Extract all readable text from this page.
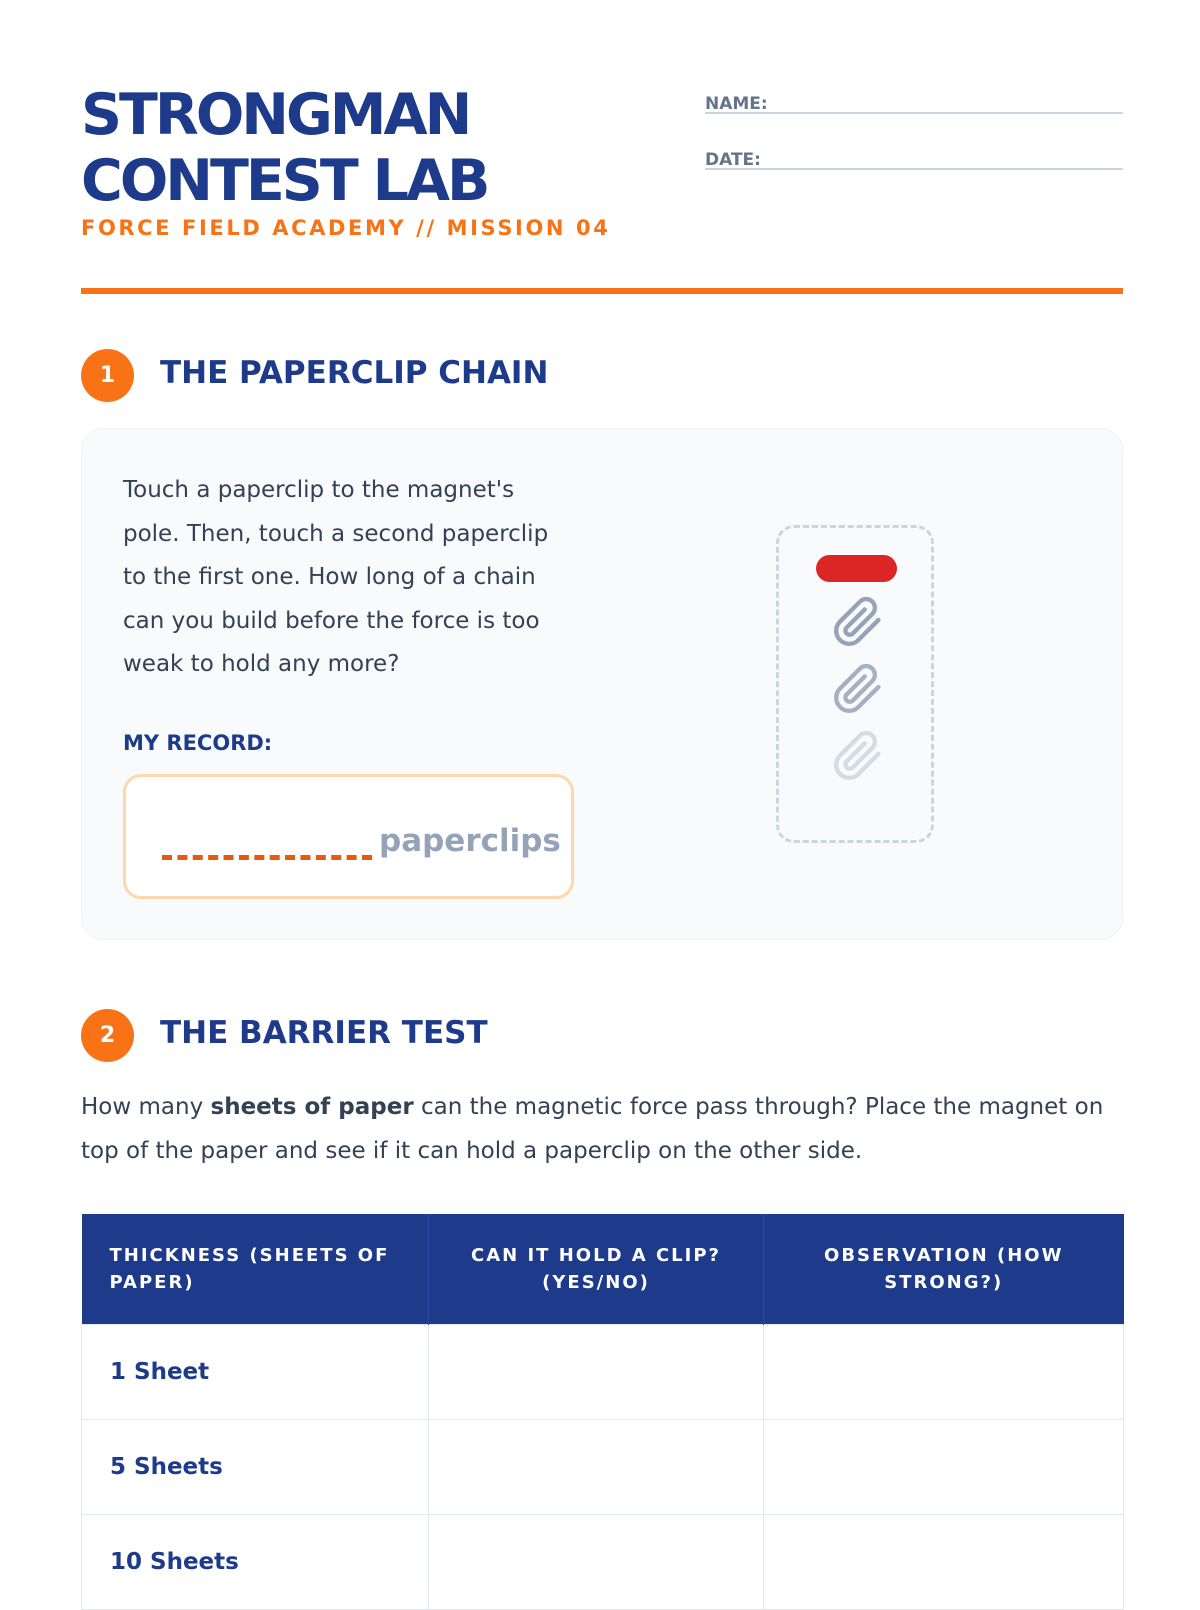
STRONGMAN
CONTEST LAB
FORCE FIELD ACADEMY // MISSION 04
NAME:
DATE:
1	THE PAPERCLIP CHAIN

Touch a paperclip to the magnet's pole. Then, touch a second paperclip to the first one. How long of a chain can you build before the force is too weak to hold any more?

MY RECORD:
paperclips
2	THE BARRIER TEST

How many sheets of paper can the magnetic force pass through? Place the magnet on top of the paper and see if it can hold a paperclip on the other side.

THICKNESS (SHEETS OF PAPER)	CAN IT HOLD A CLIP? (YES/NO)	OBSERVATION (HOW STRONG?)
1 Sheet		
5 Sheets		
10 Sheets		
